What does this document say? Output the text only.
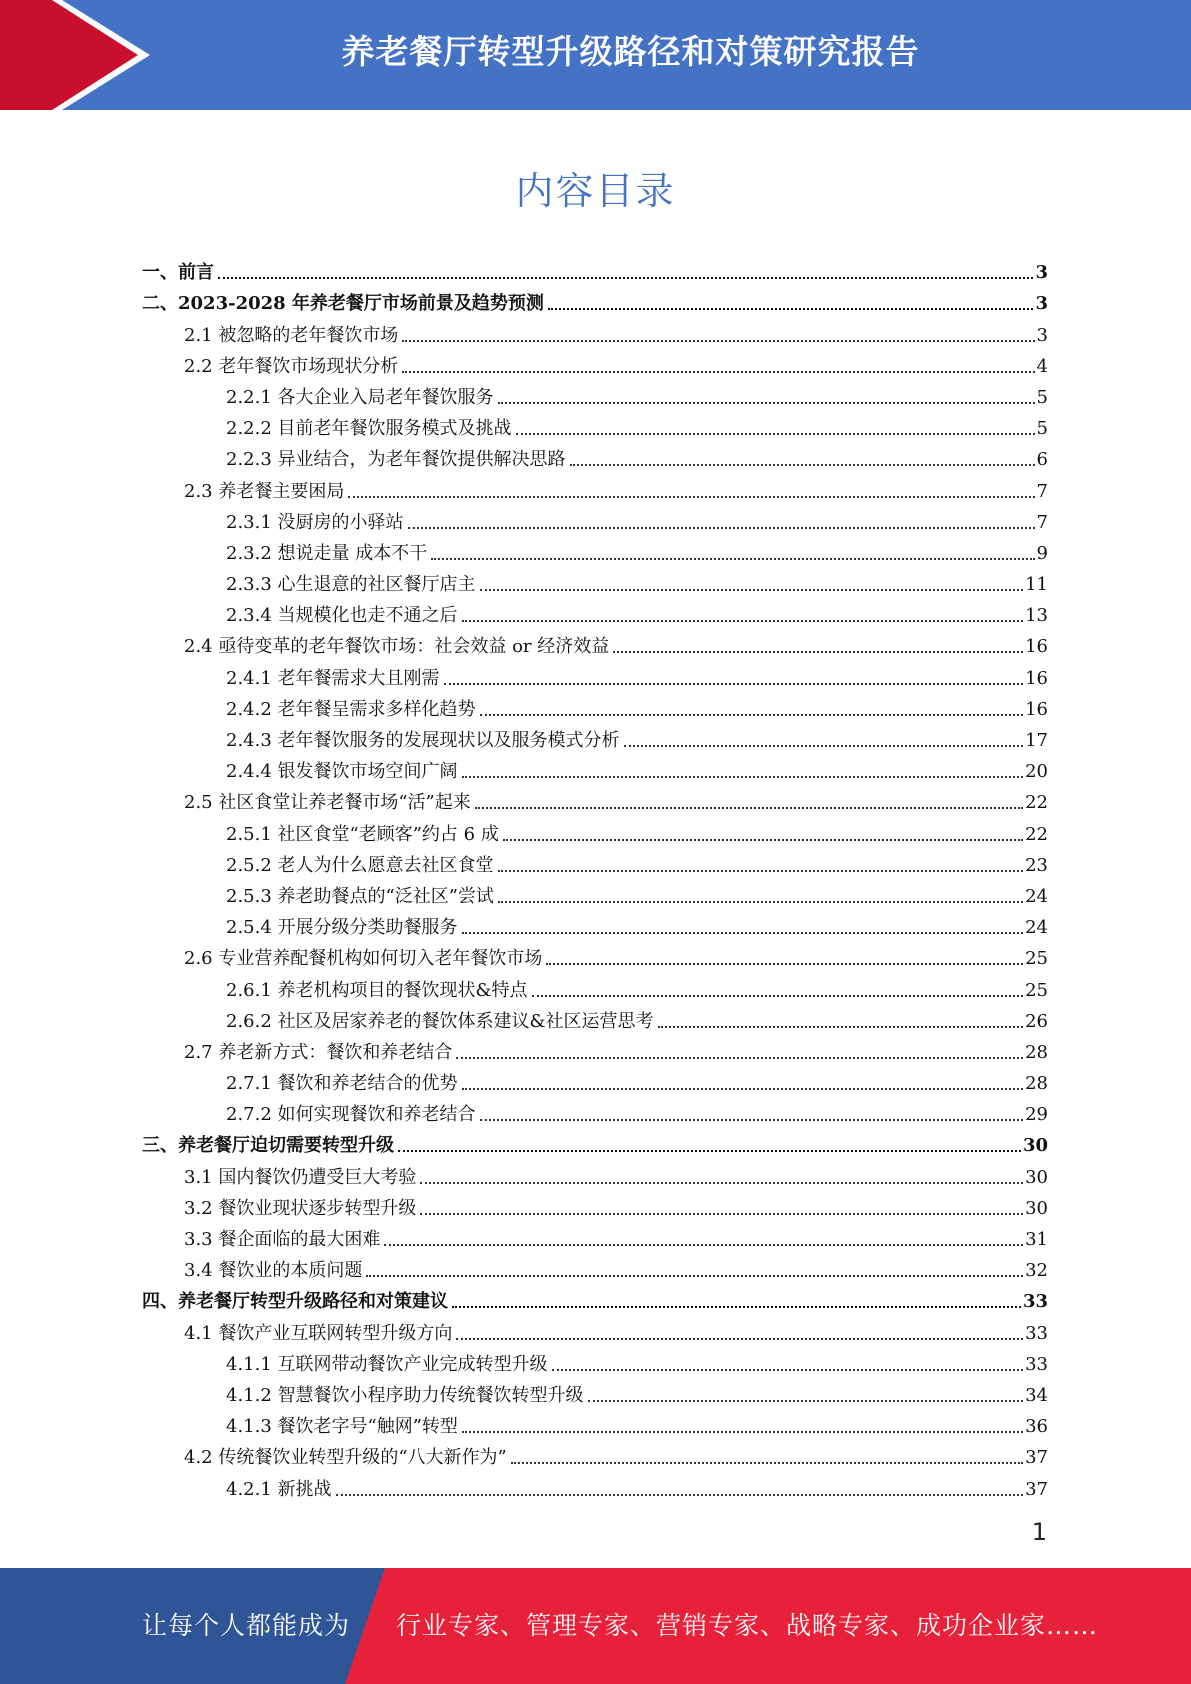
养老餐厅转型升级路径和对策研究报告
内容目录
一、前言	3
二、2023-2028 年养老餐厅市场前景及趋势预测	3
2.1 被忽略的老年餐饮市场	3
2.2 老年餐饮市场现状分析	4
2.2.1 各大企业入局老年餐饮服务	5
2.2.2 目前老年餐饮服务模式及挑战	5
2.2.3 异业结合，为老年餐饮提供解决思路	6
2.3 养老餐主要困局	7
2.3.1 没厨房的小驿站	7
2.3.2 想说走量 成本不干	9
2.3.3 心生退意的社区餐厅店主	11
2.3.4 当规模化也走不通之后	13
2.4 亟待变革的老年餐饮市场：社会效益 or 经济效益	16
2.4.1 老年餐需求大且刚需	16
2.4.2 老年餐呈需求多样化趋势	16
2.4.3 老年餐饮服务的发展现状以及服务模式分析	17
2.4.4 银发餐饮市场空间广阔	20
2.5 社区食堂让养老餐市场“活”起来	22
2.5.1 社区食堂“老顾客”约占 6 成	22
2.5.2 老人为什么愿意去社区食堂	23
2.5.3 养老助餐点的“泛社区”尝试	24
2.5.4 开展分级分类助餐服务	24
2.6 专业营养配餐机构如何切入老年餐饮市场	25
2.6.1 养老机构项目的餐饮现状&特点	25
2.6.2 社区及居家养老的餐饮体系建议&社区运营思考	26
2.7 养老新方式：餐饮和养老结合	28
2.7.1 餐饮和养老结合的优势	28
2.7.2 如何实现餐饮和养老结合	29
三、养老餐厅迫切需要转型升级	30
3.1 国内餐饮仍遭受巨大考验	30
3.2 餐饮业现状逐步转型升级	30
3.3 餐企面临的最大困难	31
3.4 餐饮业的本质问题	32
四、养老餐厅转型升级路径和对策建议	33
4.1 餐饮产业互联网转型升级方向	33
4.1.1 互联网带动餐饮产业完成转型升级	33
4.1.2 智慧餐饮小程序助力传统餐饮转型升级	34
4.1.3 餐饮老字号“触网”转型	36
4.2 传统餐饮业转型升级的“八大新作为”	37
4.2.1 新挑战	37
1
让每个人都能成为 行业专家、管理专家、营销专家、战略专家、成功企业家……
